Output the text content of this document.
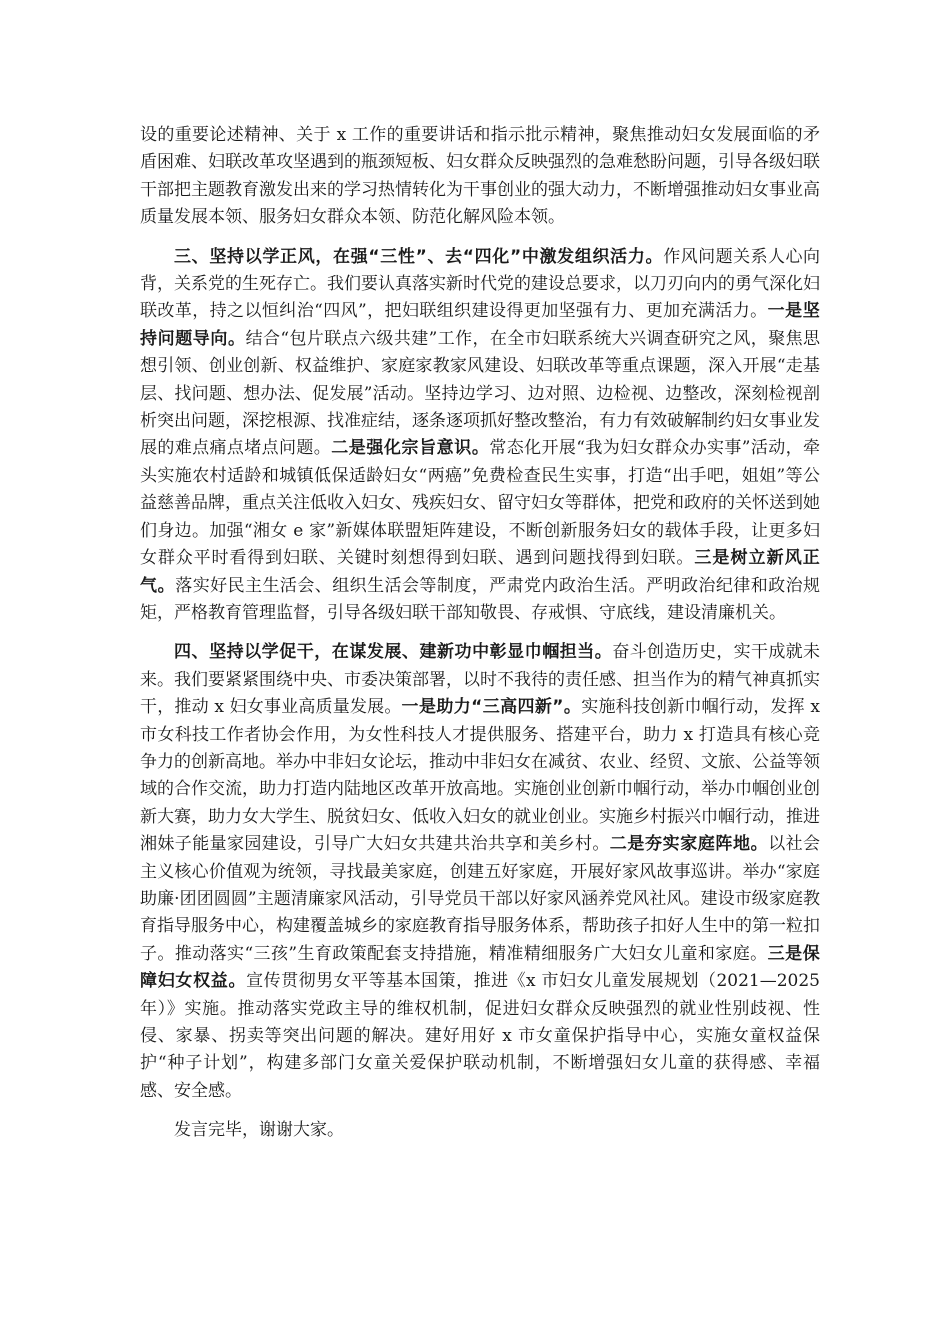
设的重要论述精神、关于 x 工作的重要讲话和指示批示精神，聚焦推动妇女发展面临的矛盾困难、妇联改革攻坚遇到的瓶颈短板、妇女群众反映强烈的急难愁盼问题，引导各级妇联干部把主题教育激发出来的学习热情转化为干事创业的强大动力，不断增强推动妇女事业高质量发展本领、服务妇女群众本领、防范化解风险本领。

三、坚持以学正风，在强“三性”、去“四化”中激发组织活力。作风问题关系人心向背，关系党的生死存亡。我们要认真落实新时代党的建设总要求，以刀刃向内的勇气深化妇联改革，持之以恒纠治“四风”，把妇联组织建设得更加坚强有力、更加充满活力。一是坚持问题导向。结合“包片联点六级共建”工作，在全市妇联系统大兴调查研究之风，聚焦思想引领、创业创新、权益维护、家庭家教家风建设、妇联改革等重点课题，深入开展“走基层、找问题、想办法、促发展”活动。坚持边学习、边对照、边检视、边整改，深刻检视剖析突出问题，深挖根源、找准症结，逐条逐项抓好整改整治，有力有效破解制约妇女事业发展的难点痛点堵点问题。二是强化宗旨意识。常态化开展“我为妇女群众办实事”活动，牵头实施农村适龄和城镇低保适龄妇女“两癌”免费检查民生实事，打造“出手吧，姐姐”等公益慈善品牌，重点关注低收入妇女、残疾妇女、留守妇女等群体，把党和政府的关怀送到她们身边。加强“湘女 e 家”新媒体联盟矩阵建设，不断创新服务妇女的载体手段，让更多妇女群众平时看得到妇联、关键时刻想得到妇联、遇到问题找得到妇联。三是树立新风正气。落实好民主生活会、组织生活会等制度，严肃党内政治生活。严明政治纪律和政治规矩，严格教育管理监督，引导各级妇联干部知敬畏、存戒惧、守底线，建设清廉机关。

四、坚持以学促干，在谋发展、建新功中彰显巾帼担当。奋斗创造历史，实干成就未来。我们要紧紧围绕中央、市委决策部署，以时不我待的责任感、担当作为的精气神真抓实干，推动 x 妇女事业高质量发展。一是助力“三高四新”。实施科技创新巾帼行动，发挥 x 市女科技工作者协会作用，为女性科技人才提供服务、搭建平台，助力 x 打造具有核心竞争力的创新高地。举办中非妇女论坛，推动中非妇女在减贫、农业、经贸、文旅、公益等领域的合作交流，助力打造内陆地区改革开放高地。实施创业创新巾帼行动，举办巾帼创业创新大赛，助力女大学生、脱贫妇女、低收入妇女的就业创业。实施乡村振兴巾帼行动，推进湘妹子能量家园建设，引导广大妇女共建共治共享和美乡村。二是夯实家庭阵地。以社会主义核心价值观为统领，寻找最美家庭，创建五好家庭，开展好家风故事巡讲。举办“家庭助廉·团团圆圆”主题清廉家风活动，引导党员干部以好家风涵养党风社风。建设市级家庭教育指导服务中心，构建覆盖城乡的家庭教育指导服务体系，帮助孩子扣好人生中的第一粒扣子。推动落实“三孩”生育政策配套支持措施，精准精细服务广大妇女儿童和家庭。三是保障妇女权益。宣传贯彻男女平等基本国策，推进《x 市妇女儿童发展规划（2021—2025 年）》实施。推动落实党政主导的维权机制，促进妇女群众反映强烈的就业性别歧视、性侵、家暴、拐卖等突出问题的解决。建好用好 x 市女童保护指导中心，实施女童权益保护“种子计划”，构建多部门女童关爱保护联动机制，不断增强妇女儿童的获得感、幸福感、安全感。

发言完毕，谢谢大家。
